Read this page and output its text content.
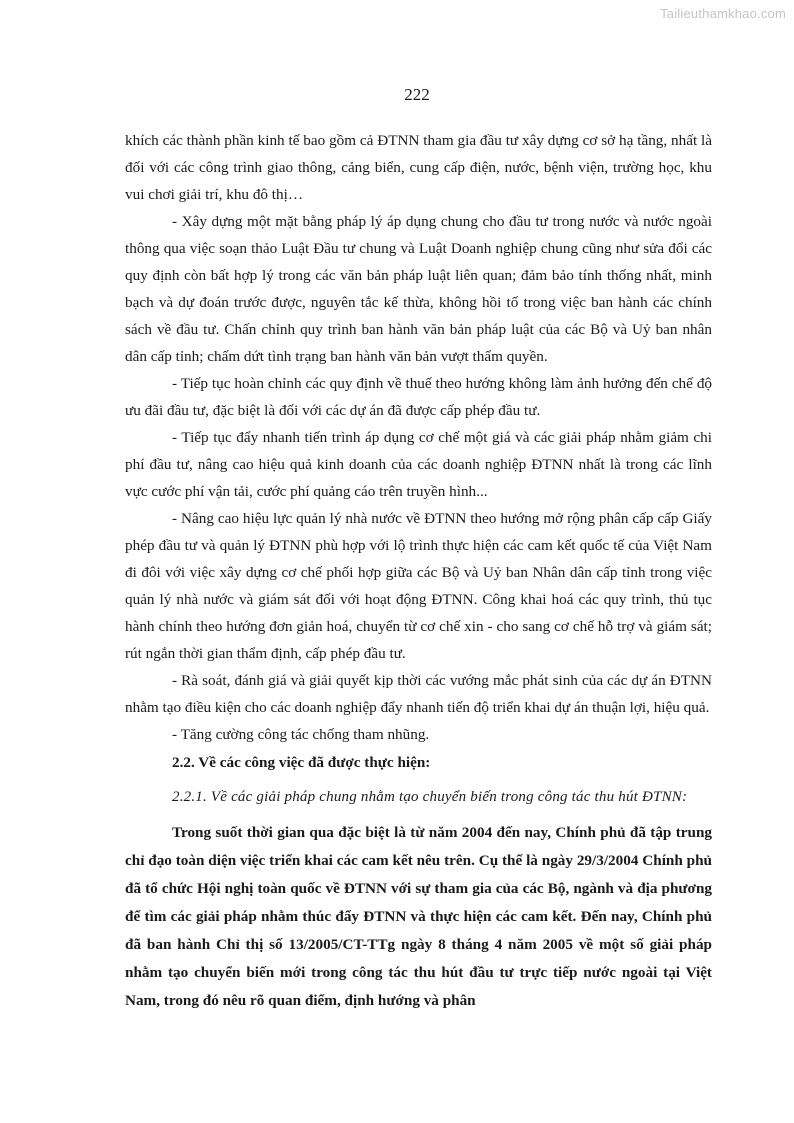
Tailieuthamkhao.com
222

khích các thành phần kinh tế bao gồm cả ĐTNN tham gia đầu tư xây dựng cơ sở hạ tầng, nhất là đối với các công trình giao thông, cảng biển, cung cấp điện, nước, bệnh viện, trường học, khu vui chơi giải trí, khu đô thị…

- Xây dựng một mặt bằng pháp lý áp dụng chung cho đầu tư trong nước và nước ngoài thông qua việc soạn thảo Luật Đầu tư chung và Luật Doanh nghiệp chung cũng như sửa đổi các quy định còn bất hợp lý trong các văn bản pháp luật liên quan; đảm bảo tính thống nhất, minh bạch và dự đoán trước được, nguyên tắc kế thừa, không hồi tố trong việc ban hành các chính sách về đầu tư. Chấn chỉnh quy trình ban hành văn bản pháp luật của các Bộ và Uỷ ban nhân dân cấp tỉnh; chấm dứt tình trạng ban hành văn bản vượt thẩm quyền.

- Tiếp tục hoàn chỉnh các quy định về thuế theo hướng không làm ảnh hưởng đến chế độ ưu đãi đầu tư, đặc biệt là đối với các dự án đã được cấp phép đầu tư.

- Tiếp tục đẩy nhanh tiến trình áp dụng cơ chế một giá và các giải pháp nhằm giảm chi phí đầu tư, nâng cao hiệu quả kinh doanh của các doanh nghiệp ĐTNN nhất là trong các lĩnh vực cước phí vận tải, cước phí quảng cáo trên truyền hình...

- Nâng cao hiệu lực quản lý nhà nước về ĐTNN theo hướng mở rộng phân cấp cấp Giấy phép đầu tư và quản lý ĐTNN phù hợp với lộ trình thực hiện các cam kết quốc tế của Việt Nam đi đôi với việc xây dựng cơ chế phối hợp giữa các Bộ và Uỷ ban Nhân dân cấp tỉnh trong việc quản lý nhà nước và giám sát đối với hoạt động ĐTNN. Công khai hoá các quy trình, thủ tục hành chính theo hướng đơn giản hoá, chuyển từ cơ chế xin - cho sang cơ chế hỗ trợ và giám sát; rút ngắn thời gian thẩm định, cấp phép đầu tư.

- Rà soát, đánh giá và giải quyết kịp thời các vướng mắc phát sinh của các dự án ĐTNN nhằm tạo điều kiện cho các doanh nghiệp đẩy nhanh tiến độ triển khai dự án thuận lợi, hiệu quả.

- Tăng cường công tác chống tham nhũng.

2.2. Về các công việc đã được thực hiện:

2.2.1. Về các giải pháp chung nhằm tạo chuyển biến trong công tác thu hút ĐTNN:

Trong suốt thời gian qua đặc biệt là từ năm 2004 đến nay, Chính phủ đã tập trung chỉ đạo toàn diện việc triển khai các cam kết nêu trên. Cụ thể là ngày 29/3/2004 Chính phủ đã tổ chức Hội nghị toàn quốc về ĐTNN với sự tham gia của các Bộ, ngành và địa phương để tìm các giải pháp nhằm thúc đẩy ĐTNN và thực hiện các cam kết. Đến nay, Chính phủ đã ban hành Chỉ thị số 13/2005/CT-TTg ngày 8 tháng 4 năm 2005 về một số giải pháp nhằm tạo chuyển biến mới trong công tác thu hút đầu tư trực tiếp nước ngoài tại Việt Nam, trong đó nêu rõ quan điểm, định hướng và phân
